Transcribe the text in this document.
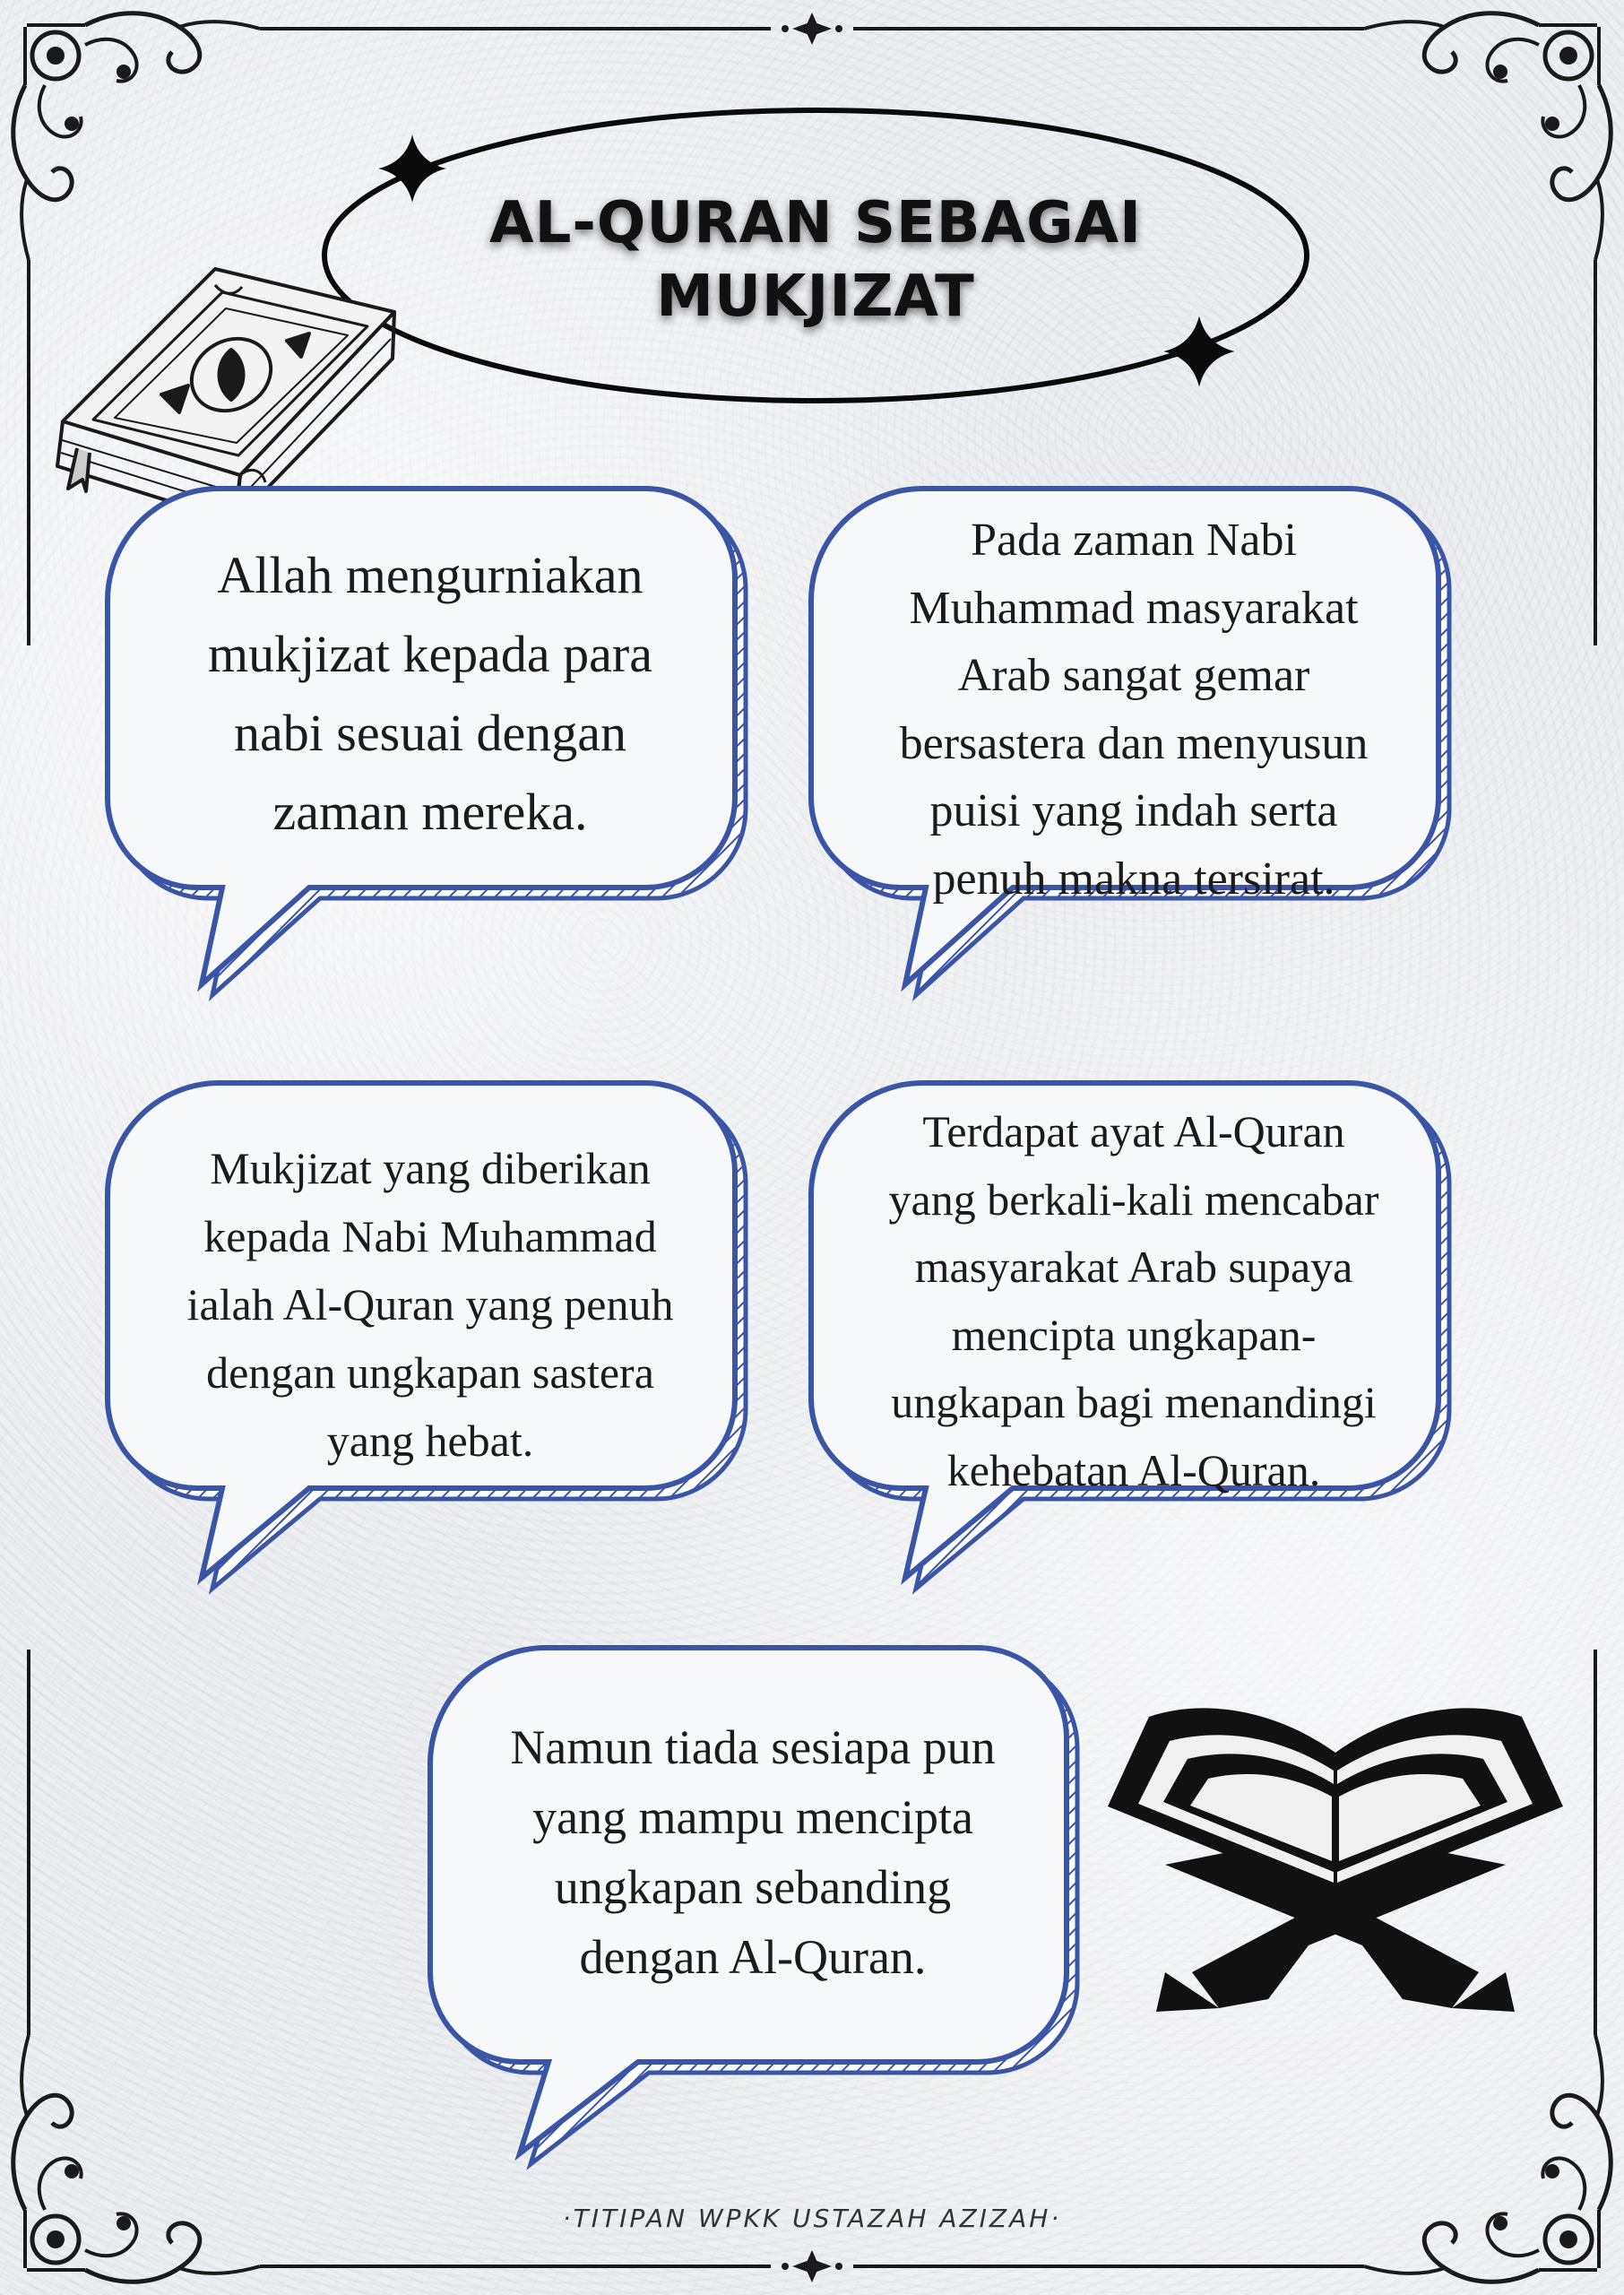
AL-QURAN SEBAGAI
MUKJIZAT
Allah mengurniakan
mukjizat kepada para
nabi sesuai dengan
zaman mereka.
Pada zaman Nabi
Muhammad masyarakat
Arab sangat gemar
bersastera dan menyusun
puisi yang indah serta
penuh makna tersirat.
Mukjizat yang diberikan
kepada Nabi Muhammad
ialah Al-Quran yang penuh
dengan ungkapan sastera
yang hebat.
Terdapat ayat Al-Quran
yang berkali-kali mencabar
masyarakat Arab supaya
mencipta ungkapan-
ungkapan bagi menandingi
kehebatan Al-Quran.
Namun tiada sesiapa pun
yang mampu mencipta
ungkapan sebanding
dengan Al-Quran.
·TITIPAN WPKK USTAZAH AZIZAH·
